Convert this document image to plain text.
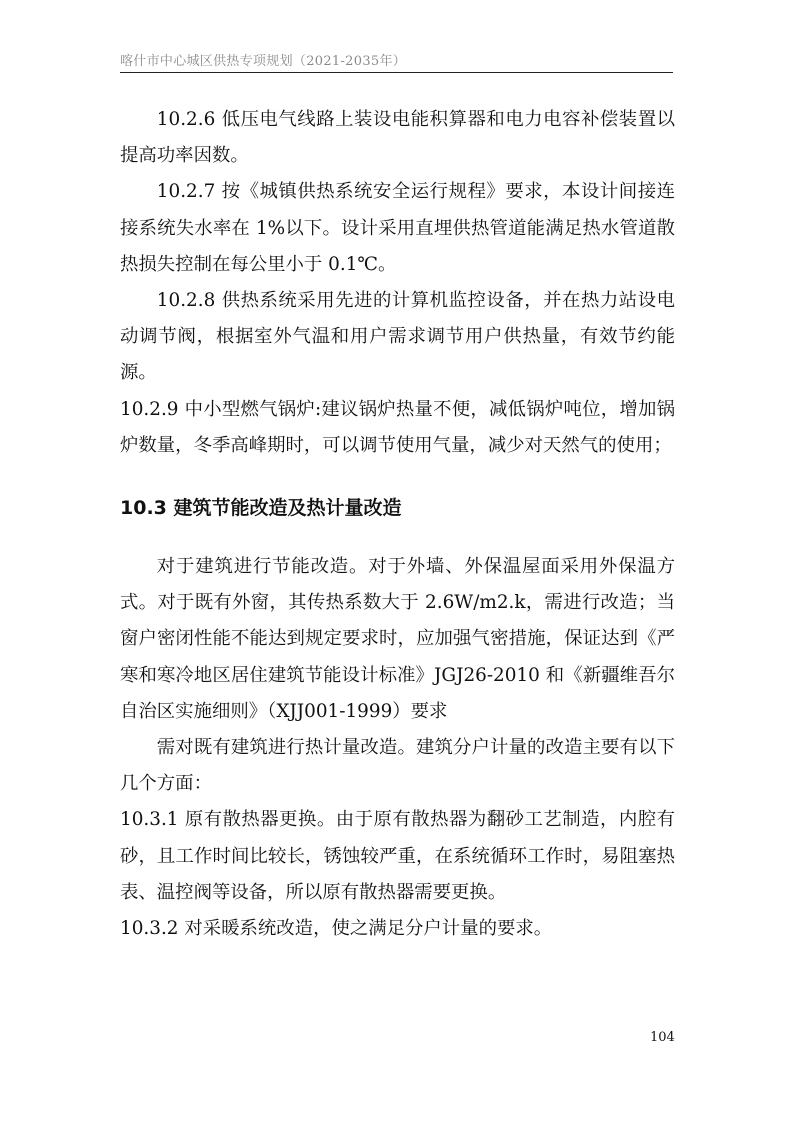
喀什市中心城区供热专项规划（2021-2035年）

10.2.6 低压电气线路上装设电能积算器和电力电容补偿装置以提高功率因数。

10.2.7 按《城镇供热系统安全运行规程》要求，本设计间接连接系统失水率在 1%以下。设计采用直埋供热管道能满足热水管道散热损失控制在每公里小于 0.1℃。

10.2.8 供热系统采用先进的计算机监控设备，并在热力站设电动调节阀，根据室外气温和用户需求调节用户供热量，有效节约能源。

10.2.9 中小型燃气锅炉:建议锅炉热量不便，减低锅炉吨位，增加锅炉数量，冬季高峰期时，可以调节使用气量，减少对天然气的使用；

10.3 建筑节能改造及热计量改造

对于建筑进行节能改造。对于外墙、外保温屋面采用外保温方式。对于既有外窗，其传热系数大于 2.6W/m2.k，需进行改造；当窗户密闭性能不能达到规定要求时，应加强气密措施，保证达到《严寒和寒冷地区居住建筑节能设计标准》JGJ26-2010 和《新疆维吾尔自治区实施细则》（XJJ001-1999）要求

需对既有建筑进行热计量改造。建筑分户计量的改造主要有以下几个方面：

10.3.1 原有散热器更换。由于原有散热器为翻砂工艺制造，内腔有砂，且工作时间比较长，锈蚀较严重，在系统循环工作时，易阻塞热表、温控阀等设备，所以原有散热器需要更换。

10.3.2 对采暖系统改造，使之满足分户计量的要求。

104
